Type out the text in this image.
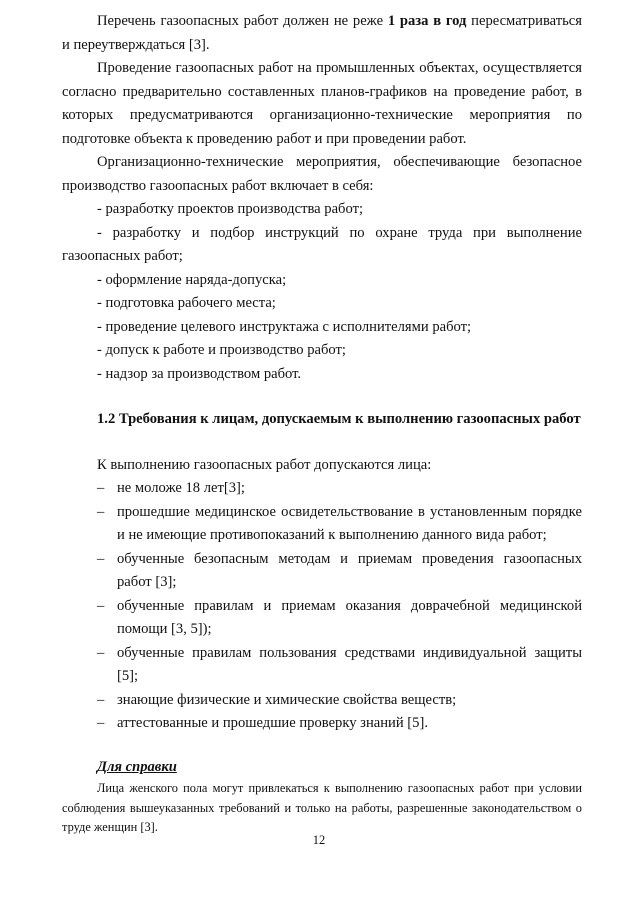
Перечень газоопасных работ должен не реже 1 раза в год пересматриваться и переутверждаться [3].

Проведение газоопасных работ на промышленных объектах, осуществляется согласно предварительно составленных планов-графиков на проведение работ, в которых предусматриваются организационно-технические мероприятия по подготовке объекта к проведению работ и при проведении работ.

Организационно-технические мероприятия, обеспечивающие безопасное производство газоопасных работ включает в себя:

- разработку проектов производства работ;

- разработку и подбор инструкций по охране труда при выполнение газоопасных работ;

- оформление наряда-допуска;

- подготовка рабочего места;

- проведение целевого инструктажа с исполнителями работ;

- допуск к работе и производство работ;

- надзор за производством работ.

1.2 Требования к лицам, допускаемым к выполнению газоопасных работ

К выполнению газоопасных работ допускаются лица:

– не моложе 18 лет[3];
– прошедшие медицинское освидетельствование в установленным порядке и не имеющие противопоказаний к выполнению данного вида работ;
– обученные безопасным методам и приемам проведения газоопасных работ [3];
– обученные правилам и приемам оказания доврачебной медицинской помощи [3, 5]);
– обученные правилам пользования средствами индивидуальной защиты [5];
– знающие физические и химические свойства веществ;
– аттестованные и прошедшие проверку знаний [5].
Для справки

Лица женского пола могут привлекаться к выполнению газоопасных работ при условии соблюдения вышеуказанных требований и только на работы, разрешенные законодательством о труде женщин [3].

12
